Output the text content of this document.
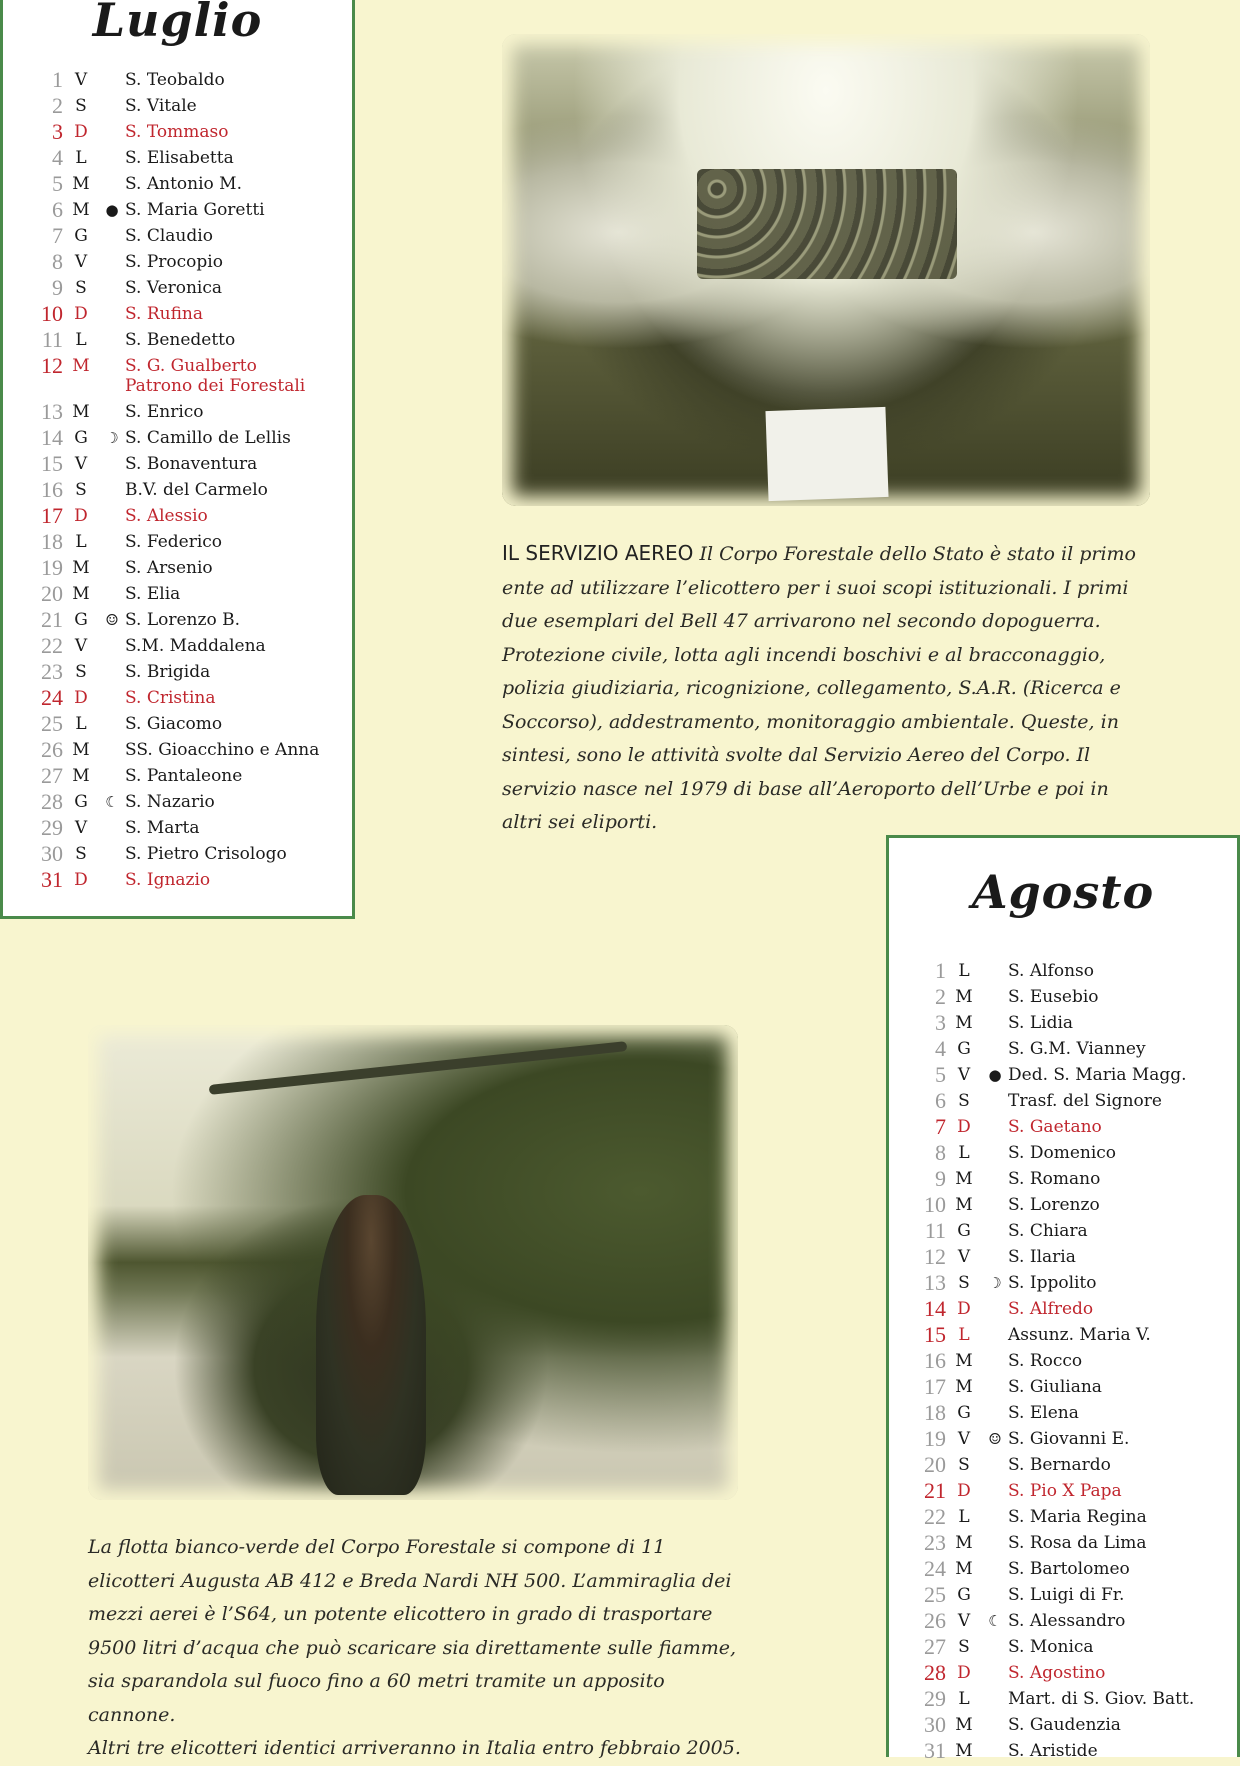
Luglio
1 V	S. Teobaldo
2 S	S. Vitale
3 D	S. Tommaso
4 L	S. Elisabetta
5 M	S. Antonio M.
6 M	● S. Maria Goretti
7 G	S. Claudio
8 V	S. Procopio
9 S	S. Veronica
10 D	S. Rufina
11 L	S. Benedetto
12 M	S. G. Gualberto
Patrono dei Forestali
13 M	S. Enrico
14 G	☽ S. Camillo de Lellis
15 V	S. Bonaventura
16 S	B.V. del Carmelo
17 D	S. Alessio
18 L	S. Federico
19 M	S. Arsenio
20 M	S. Elia
21 G	☺ S. Lorenzo B.
22 V	S.M. Maddalena
23 S	S. Brigida
24 D	S. Cristina
25 L	S. Giacomo
26 M	SS. Gioacchino e Anna
27 M	S. Pantaleone
28 G	☾ S. Nazario
29 V	S. Marta
30 S	S. Pietro Crisologo
31 D	S. Ignazio

IL SERVIZIO AEREO Il Corpo Forestale dello Stato è stato il primo ente ad utilizzare l’elicottero per i suoi scopi istituzionali. I primi due esemplari del Bell 47 arrivarono nel secondo dopoguerra.

Protezione civile, lotta agli incendi boschivi e al bracconaggio, polizia giudiziaria, ricognizione, collegamento, S.A.R. (Ricerca e Soccorso), addestramento, monitoraggio ambientale. Queste, in sintesi, sono le attività svolte dal Servizio Aereo del Corpo. Il servizio nasce nel 1979 di base all’Aeroporto dell’Urbe e poi in altri sei eliporti.

Agosto
1 L	S. Alfonso
2 M	S. Eusebio
3 M	S. Lidia
4 G	S. G.M. Vianney
5 V	● Ded. S. Maria Magg.
6 S	Trasf. del Signore
7 D	S. Gaetano
8 L	S. Domenico
9 M	S. Romano
10 M	S. Lorenzo
11 G	S. Chiara
12 V	S. Ilaria
13 S	☽ S. Ippolito
14 D	S. Alfredo
15 L	Assunz. Maria V.
16 M	S. Rocco
17 M	S. Giuliana
18 G	S. Elena
19 V	☺ S. Giovanni E.
20 S	S. Bernardo
21 D	S. Pio X Papa
22 L	S. Maria Regina
23 M	S. Rosa da Lima
24 M	S. Bartolomeo
25 G	S. Luigi di Fr.
26 V	☾ S. Alessandro
27 S	S. Monica
28 D	S. Agostino
29 L	Mart. di S. Giov. Batt.
30 M	S. Gaudenzia
31 M	S. Aristide

La flotta bianco-verde del Corpo Forestale si compone di 11 elicotteri Augusta AB 412 e Breda Nardi NH 500. L’ammiraglia dei mezzi aerei è l’S64, un potente elicottero in grado di trasportare 9500 litri d’acqua che può scaricare sia direttamente sulle fiamme, sia sparandola sul fuoco fino a 60 metri tramite un apposito cannone.

Altri tre elicotteri identici arriveranno in Italia entro febbraio 2005.
